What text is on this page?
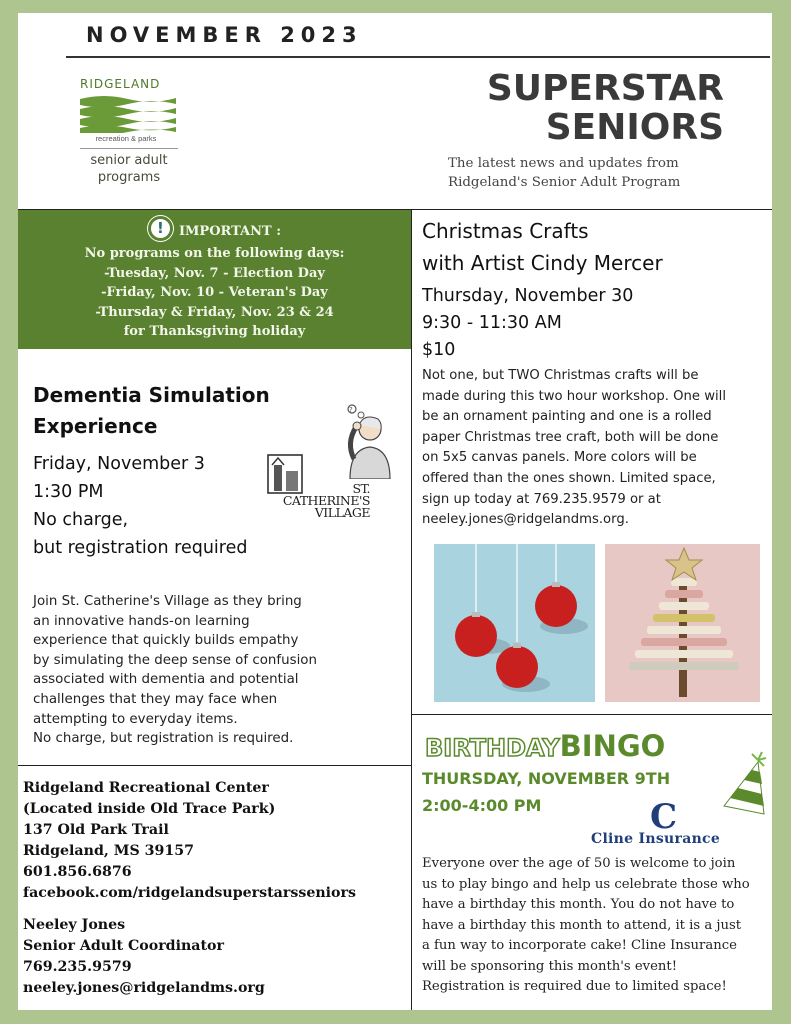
NOVEMBER 2023
RIDGELAND
recreation & parks
senior adult
programs
SUPERSTAR
SENIORS
The latest news and updates from
Ridgeland's Senior Adult Program
! IMPORTANT :
No programs on the following days:
-Tuesday, Nov. 7 - Election Day
-Friday, Nov. 10 - Veteran's Day
-Thursday & Friday, Nov. 23 & 24
for Thanksgiving holiday
Dementia Simulation
Experience
Friday, November 3
1:30 PM
No charge,
but registration required
?
ST.
CATHERINE'S
VILLAGE
Join St. Catherine's Village as they bring
an innovative hands-on learning
experience that quickly builds empathy
by simulating the deep sense of confusion
associated with dementia and potential
challenges that they may face when
attempting to everyday items.
No charge, but registration is required.
Ridgeland Recreational Center
(Located inside Old Trace Park)
137 Old Park Trail
Ridgeland, MS 39157
601.856.6876
facebook.com/ridgelandsuperstarsseniors
Neeley Jones
Senior Adult Coordinator
769.235.9579
neeley.jones@ridgelandms.org
Christmas Crafts
with Artist Cindy Mercer
Thursday, November 30
9:30 - 11:30 AM
$10
Not one, but TWO Christmas crafts will be
made during this two hour workshop. One will
be an ornament painting and one is a rolled
paper Christmas tree craft, both will be done
on 5x5 canvas panels. More colors will be
offered than the ones shown. Limited space,
sign up today at 769.235.9579 or at
neeley.jones@ridgelandms.org.
BIRTHDAYBINGO
THURSDAY, NOVEMBER 9TH
2:00-4:00 PM	C
Cline Insurance
Everyone over the age of 50 is welcome to join
us to play bingo and help us celebrate those who
have a birthday this month. You do not have to
have a birthday this month to attend, it is a just
a fun way to incorporate cake! Cline Insurance
will be sponsoring this month's event!
Registration is required due to limited space!
